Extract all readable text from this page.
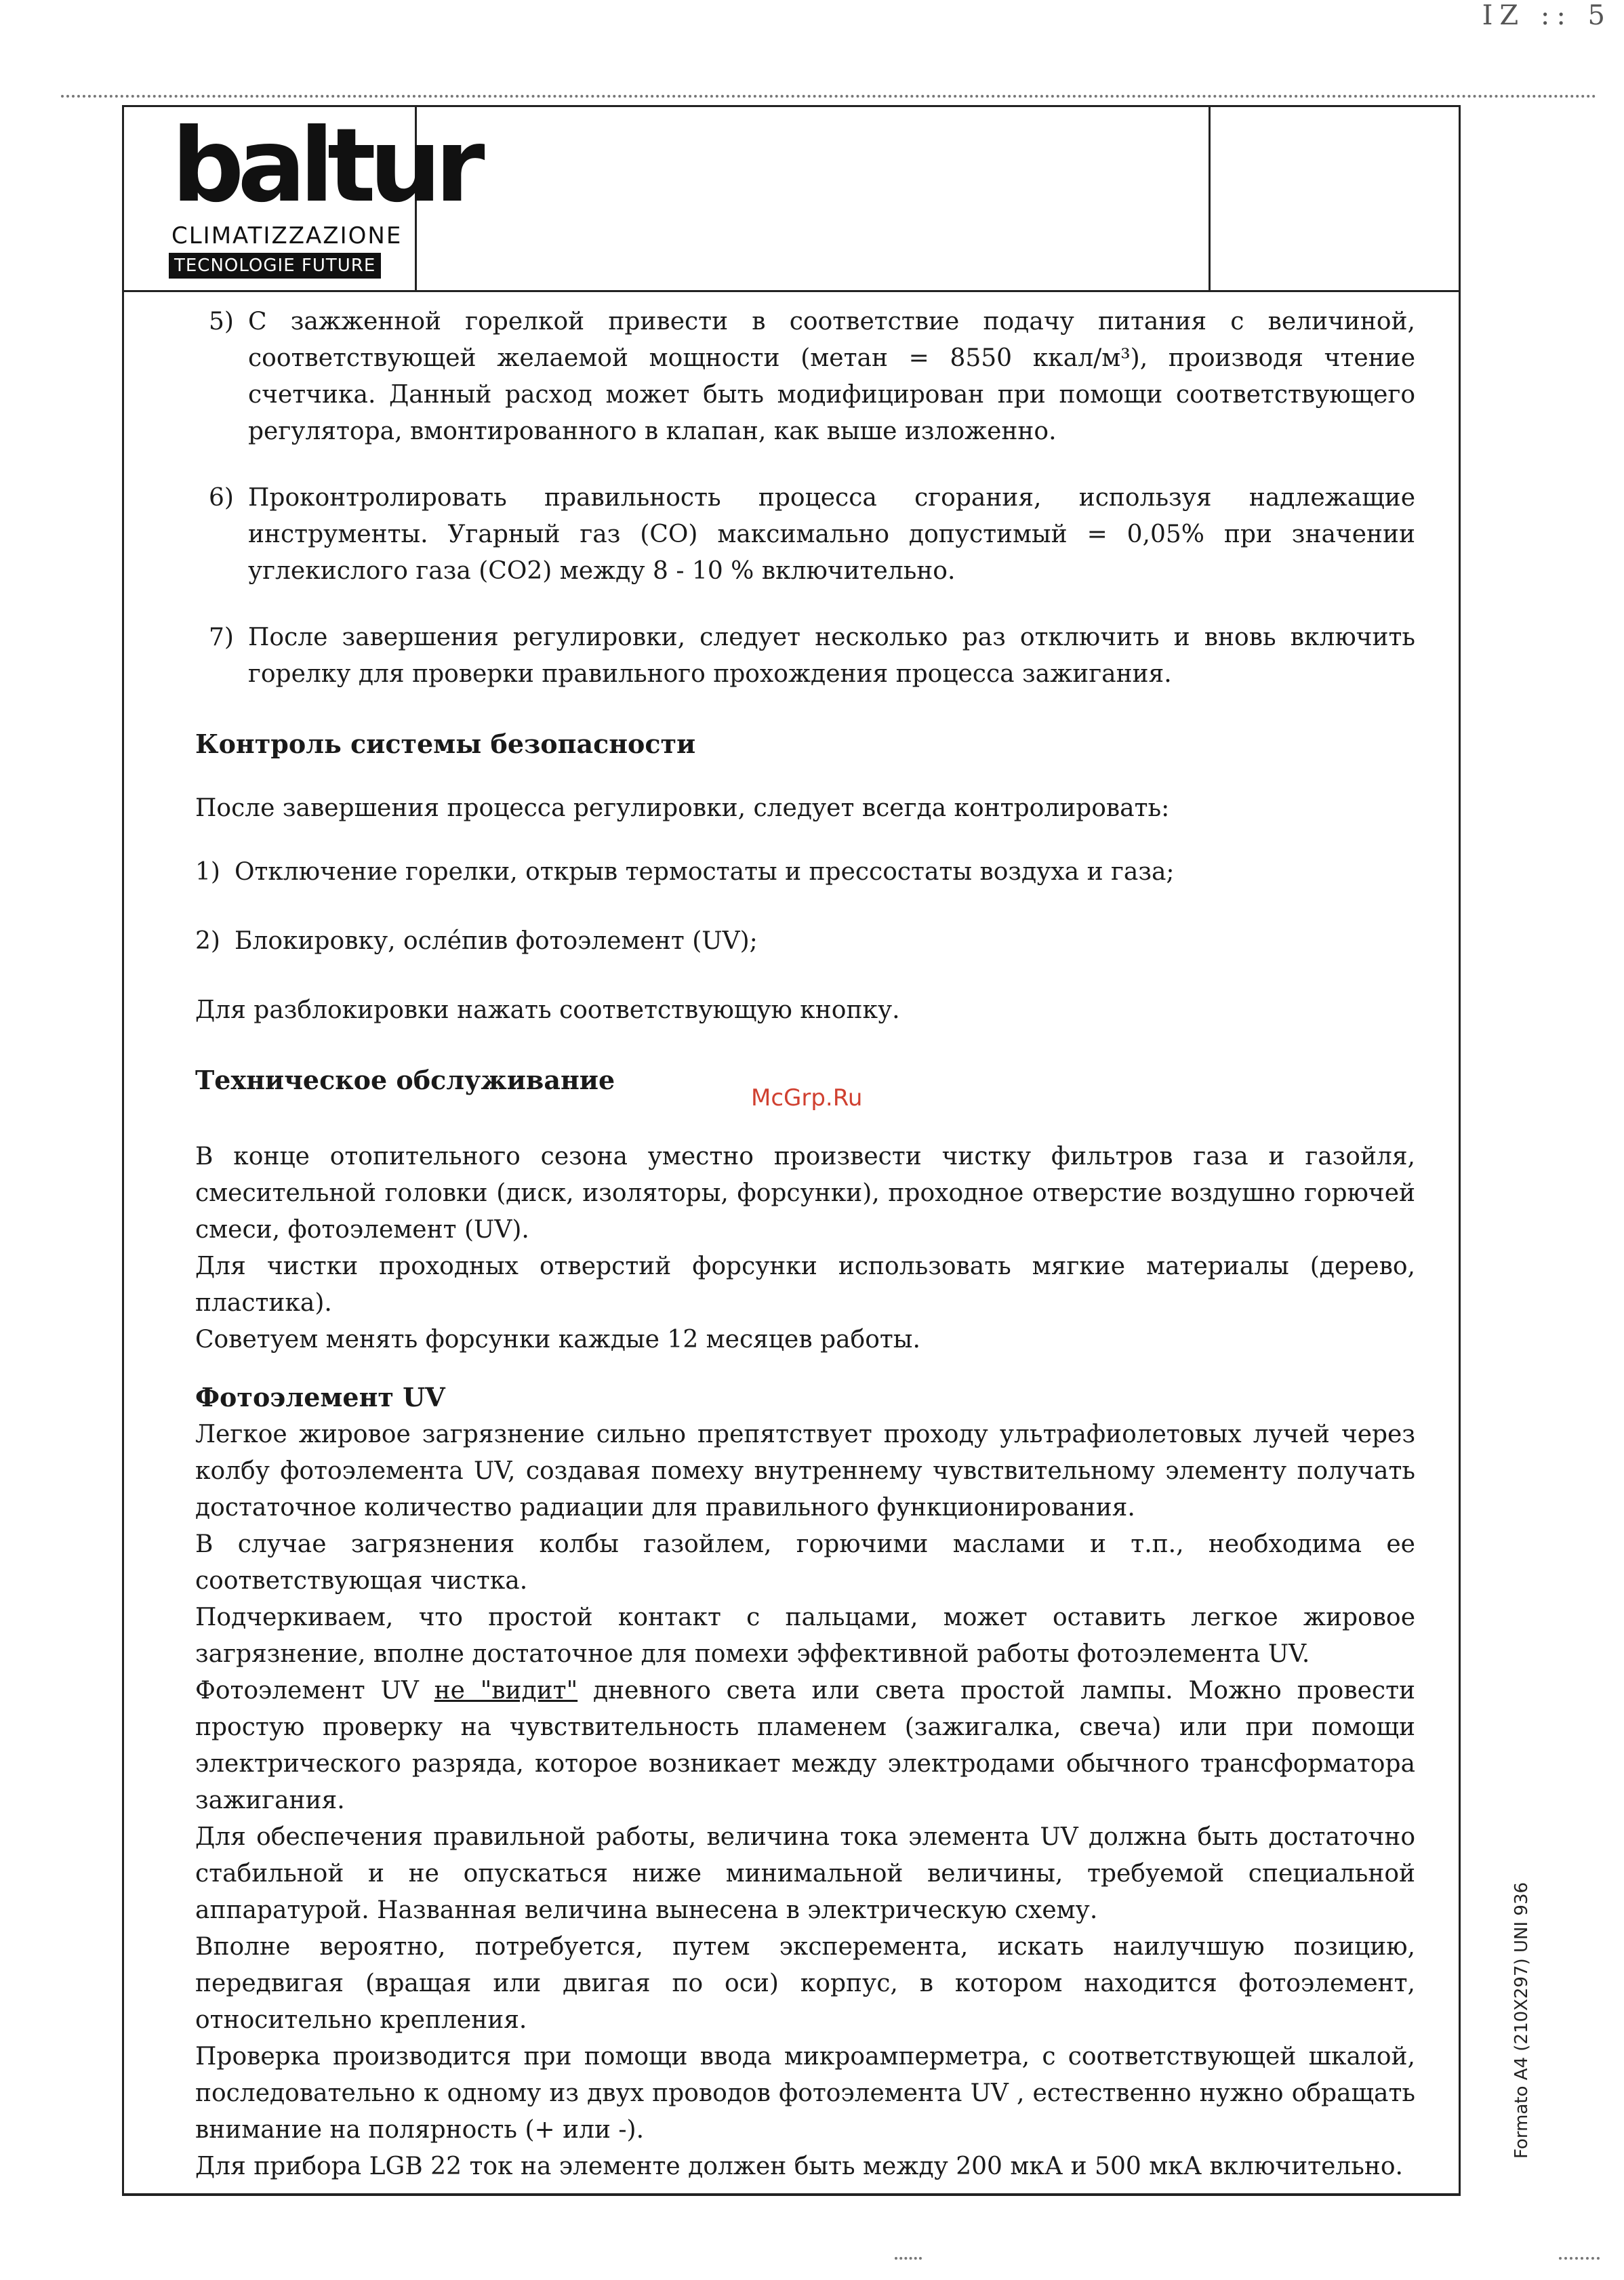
IZ :: 5
baltur
CLIMATIZZAZIONE
TECNOLOGIE FUTURE
5) С зажженной горелкой привести в соответствие подачу питания с величиной, соответствующей желаемой мощности (метан = 8550 ккал/м³), производя чтение счетчика. Данный расход может быть модифицирован при помощи соответствующего регулятора, вмонтированного в клапан, как выше изложенно.
6) Проконтролировать правильность процесса сгорания, используя надлежащие инструменты. Угарный газ (CO) максимально допустимый = 0,05% при значении углекислого газа (CO2) между 8 - 10 % включительно.
7) После завершения регулировки, следует несколько раз отключить и вновь включить горелку для проверки правильного прохождения процесса зажигания.

Контроль системы безопасности

После завершения процесса регулировки, следует всегда контролировать:

1) Отключение горелки, открыв термостаты и прессостаты воздуха и газа;
2) Блокировку, осле́пив фотоэлемент (UV);

Для разблокировки нажать соответствующую кнопку.

Техническое обслуживание

В конце отопительного сезона уместно произвести чистку фильтров газа и газойля, смесительной головки (диск, изоляторы, форсунки), проходное отверстие воздушно горючей смеси, фотоэлемент (UV).

Для чистки проходных отверстий форсунки использовать мягкие материалы (дерево, пластика).

Советуем менять форсунки каждые 12 месяцев работы.

Фотоэлемент UV

Легкое жировое загрязнение сильно препятствует проходу ультрафиолетовых лучей через колбу фотоэлемента UV, создавая помеху внутреннему чувствительному элементу получать достаточное количество радиации для правильного функционирования.

В случае загрязнения колбы газойлем, горючими маслами и т.п., необходима ее соответствующая чистка.

Подчеркиваем, что простой контакт с пальцами, может оставить легкое жировое загрязнение, вполне достаточное для помехи эффективной работы фотоэлемента UV.

Фотоэлемент UV не "видит" дневного света или света простой лампы. Можно провести простую проверку на чувствительность пламенем (зажигалка, свеча) или при помощи электрического разряда, которое возникает между электродами обычного трансформатора зажигания.

Для обеспечения правильной работы, величина тока элемента UV должна быть достаточно стабильной и не опускаться ниже минимальной величины, требуемой специальной аппаратурой. Названная величина вынесена в электрическую схему.

Вполне вероятно, потребуется, путем эксперемента, искать наилучшую позицию, передвигая (вращая или двигая по оси) корпус, в котором находится фотоэлемент, относительно крепления.

Проверка производится при помощи ввода микроамперметра, с соответствующей шкалой, последовательно к одному из двух проводов фотоэлемента UV , естественно нужно обращать внимание на полярность (+ или -).

Для прибора LGB 22 ток на элементе должен быть между 200 мкА и 500 мкА включительно.

McGrp.Ru
Formato A4 (210X297) UNI 936
